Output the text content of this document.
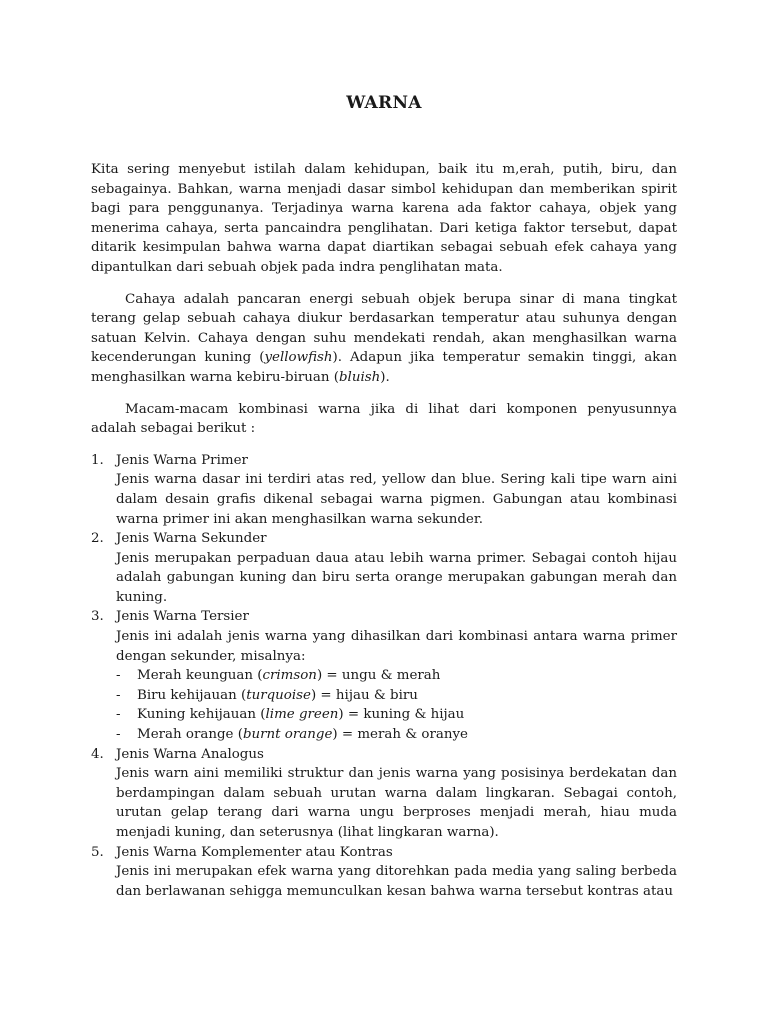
WARNA

Kita sering menyebut istilah dalam kehidupan, baik itu m,erah, putih, biru, dan sebagainya. Bahkan, warna menjadi dasar simbol kehidupan dan memberikan spirit bagi para penggunanya. Terjadinya warna karena ada faktor cahaya, objek yang menerima cahaya, serta pancaindra penglihatan. Dari ketiga faktor tersebut, dapat ditarik kesimpulan bahwa warna dapat diartikan sebagai sebuah efek cahaya yang dipantulkan dari sebuah objek pada indra penglihatan mata.

Cahaya adalah pancaran energi sebuah objek berupa sinar di mana tingkat terang gelap sebuah cahaya diukur berdasarkan temperatur atau suhunya dengan satuan Kelvin. Cahaya dengan suhu mendekati rendah, akan menghasilkan warna kecenderungan kuning (yellowfish). Adapun jika temperatur semakin tinggi, akan menghasilkan warna kebiru-biruan (bluish).

Macam-macam kombinasi warna jika di lihat dari komponen penyusunnya adalah sebagai berikut :

1. Jenis Warna Primer
Jenis warna dasar ini terdiri atas red, yellow dan blue. Sering kali tipe warn aini dalam desain grafis dikenal sebagai warna pigmen. Gabungan atau kombinasi warna primer ini akan menghasilkan warna sekunder.
2. Jenis Warna Sekunder
Jenis merupakan perpaduan daua atau lebih warna primer. Sebagai contoh hijau adalah gabungan kuning dan biru serta orange merupakan gabungan merah dan kuning.
3. Jenis Warna Tersier
Jenis ini adalah jenis warna yang dihasilkan dari kombinasi antara warna primer dengan sekunder, misalnya:
- Merah keunguan (crimson) = ungu & merah
- Biru kehijauan (turquoise) = hijau & biru
- Kuning kehijauan (lime green) = kuning & hijau
- Merah orange (burnt orange) = merah & oranye
4. Jenis Warna Analogus
Jenis warn aini memiliki struktur dan jenis warna yang posisinya berdekatan dan berdampingan dalam sebuah urutan warna dalam lingkaran. Sebagai contoh, urutan gelap terang dari warna ungu berproses menjadi merah, hiau muda menjadi kuning, dan seterusnya (lihat lingkaran warna).
5. Jenis Warna Komplementer atau Kontras
Jenis ini merupakan efek warna yang ditorehkan pada media yang saling berbeda dan berlawanan sehigga memunculkan kesan bahwa warna tersebut kontras atau
